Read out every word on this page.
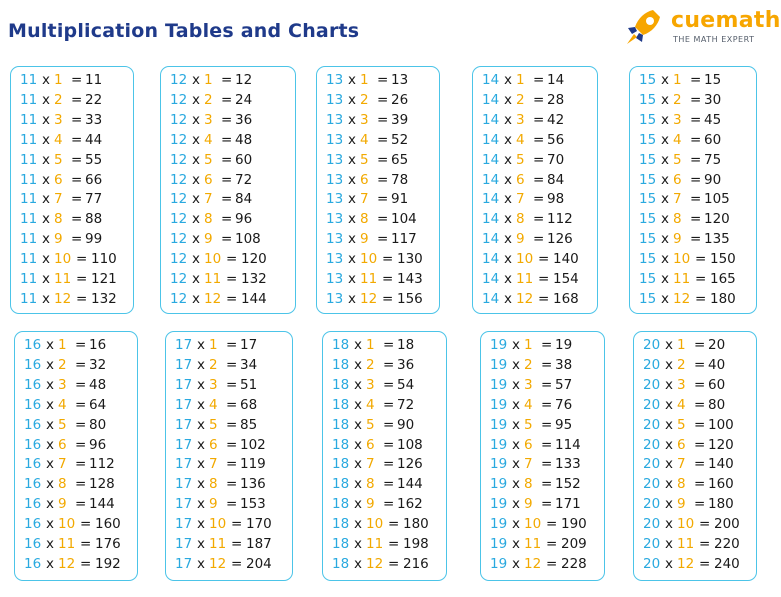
Multiplication Tables and Charts	cuemath
THE MATH EXPERT
11 x 1 = 11
11 x 2 = 22
11 x 3 = 33
11 x 4 = 44
11 x 5 = 55
11 x 6 = 66
11 x 7 = 77
11 x 8 = 88
11 x 9 = 99
11 x 10 = 110
11 x 11 = 121
11 x 12 = 132
12 x 1 = 12
12 x 2 = 24
12 x 3 = 36
12 x 4 = 48
12 x 5 = 60
12 x 6 = 72
12 x 7 = 84
12 x 8 = 96
12 x 9 = 108
12 x 10 = 120
12 x 11 = 132
12 x 12 = 144
13 x 1 = 13
13 x 2 = 26
13 x 3 = 39
13 x 4 = 52
13 x 5 = 65
13 x 6 = 78
13 x 7 = 91
13 x 8 = 104
13 x 9 = 117
13 x 10 = 130
13 x 11 = 143
13 x 12 = 156
14 x 1 = 14
14 x 2 = 28
14 x 3 = 42
14 x 4 = 56
14 x 5 = 70
14 x 6 = 84
14 x 7 = 98
14 x 8 = 112
14 x 9 = 126
14 x 10 = 140
14 x 11 = 154
14 x 12 = 168
15 x 1 = 15
15 x 2 = 30
15 x 3 = 45
15 x 4 = 60
15 x 5 = 75
15 x 6 = 90
15 x 7 = 105
15 x 8 = 120
15 x 9 = 135
15 x 10 = 150
15 x 11 = 165
15 x 12 = 180
16 x 1 = 16
16 x 2 = 32
16 x 3 = 48
16 x 4 = 64
16 x 5 = 80
16 x 6 = 96
16 x 7 = 112
16 x 8 = 128
16 x 9 = 144
16 x 10 = 160
16 x 11 = 176
16 x 12 = 192
17 x 1 = 17
17 x 2 = 34
17 x 3 = 51
17 x 4 = 68
17 x 5 = 85
17 x 6 = 102
17 x 7 = 119
17 x 8 = 136
17 x 9 = 153
17 x 10 = 170
17 x 11 = 187
17 x 12 = 204
18 x 1 = 18
18 x 2 = 36
18 x 3 = 54
18 x 4 = 72
18 x 5 = 90
18 x 6 = 108
18 x 7 = 126
18 x 8 = 144
18 x 9 = 162
18 x 10 = 180
18 x 11 = 198
18 x 12 = 216
19 x 1 = 19
19 x 2 = 38
19 x 3 = 57
19 x 4 = 76
19 x 5 = 95
19 x 6 = 114
19 x 7 = 133
19 x 8 = 152
19 x 9 = 171
19 x 10 = 190
19 x 11 = 209
19 x 12 = 228
20 x 1 = 20
20 x 2 = 40
20 x 3 = 60
20 x 4 = 80
20 x 5 = 100
20 x 6 = 120
20 x 7 = 140
20 x 8 = 160
20 x 9 = 180
20 x 10 = 200
20 x 11 = 220
20 x 12 = 240
